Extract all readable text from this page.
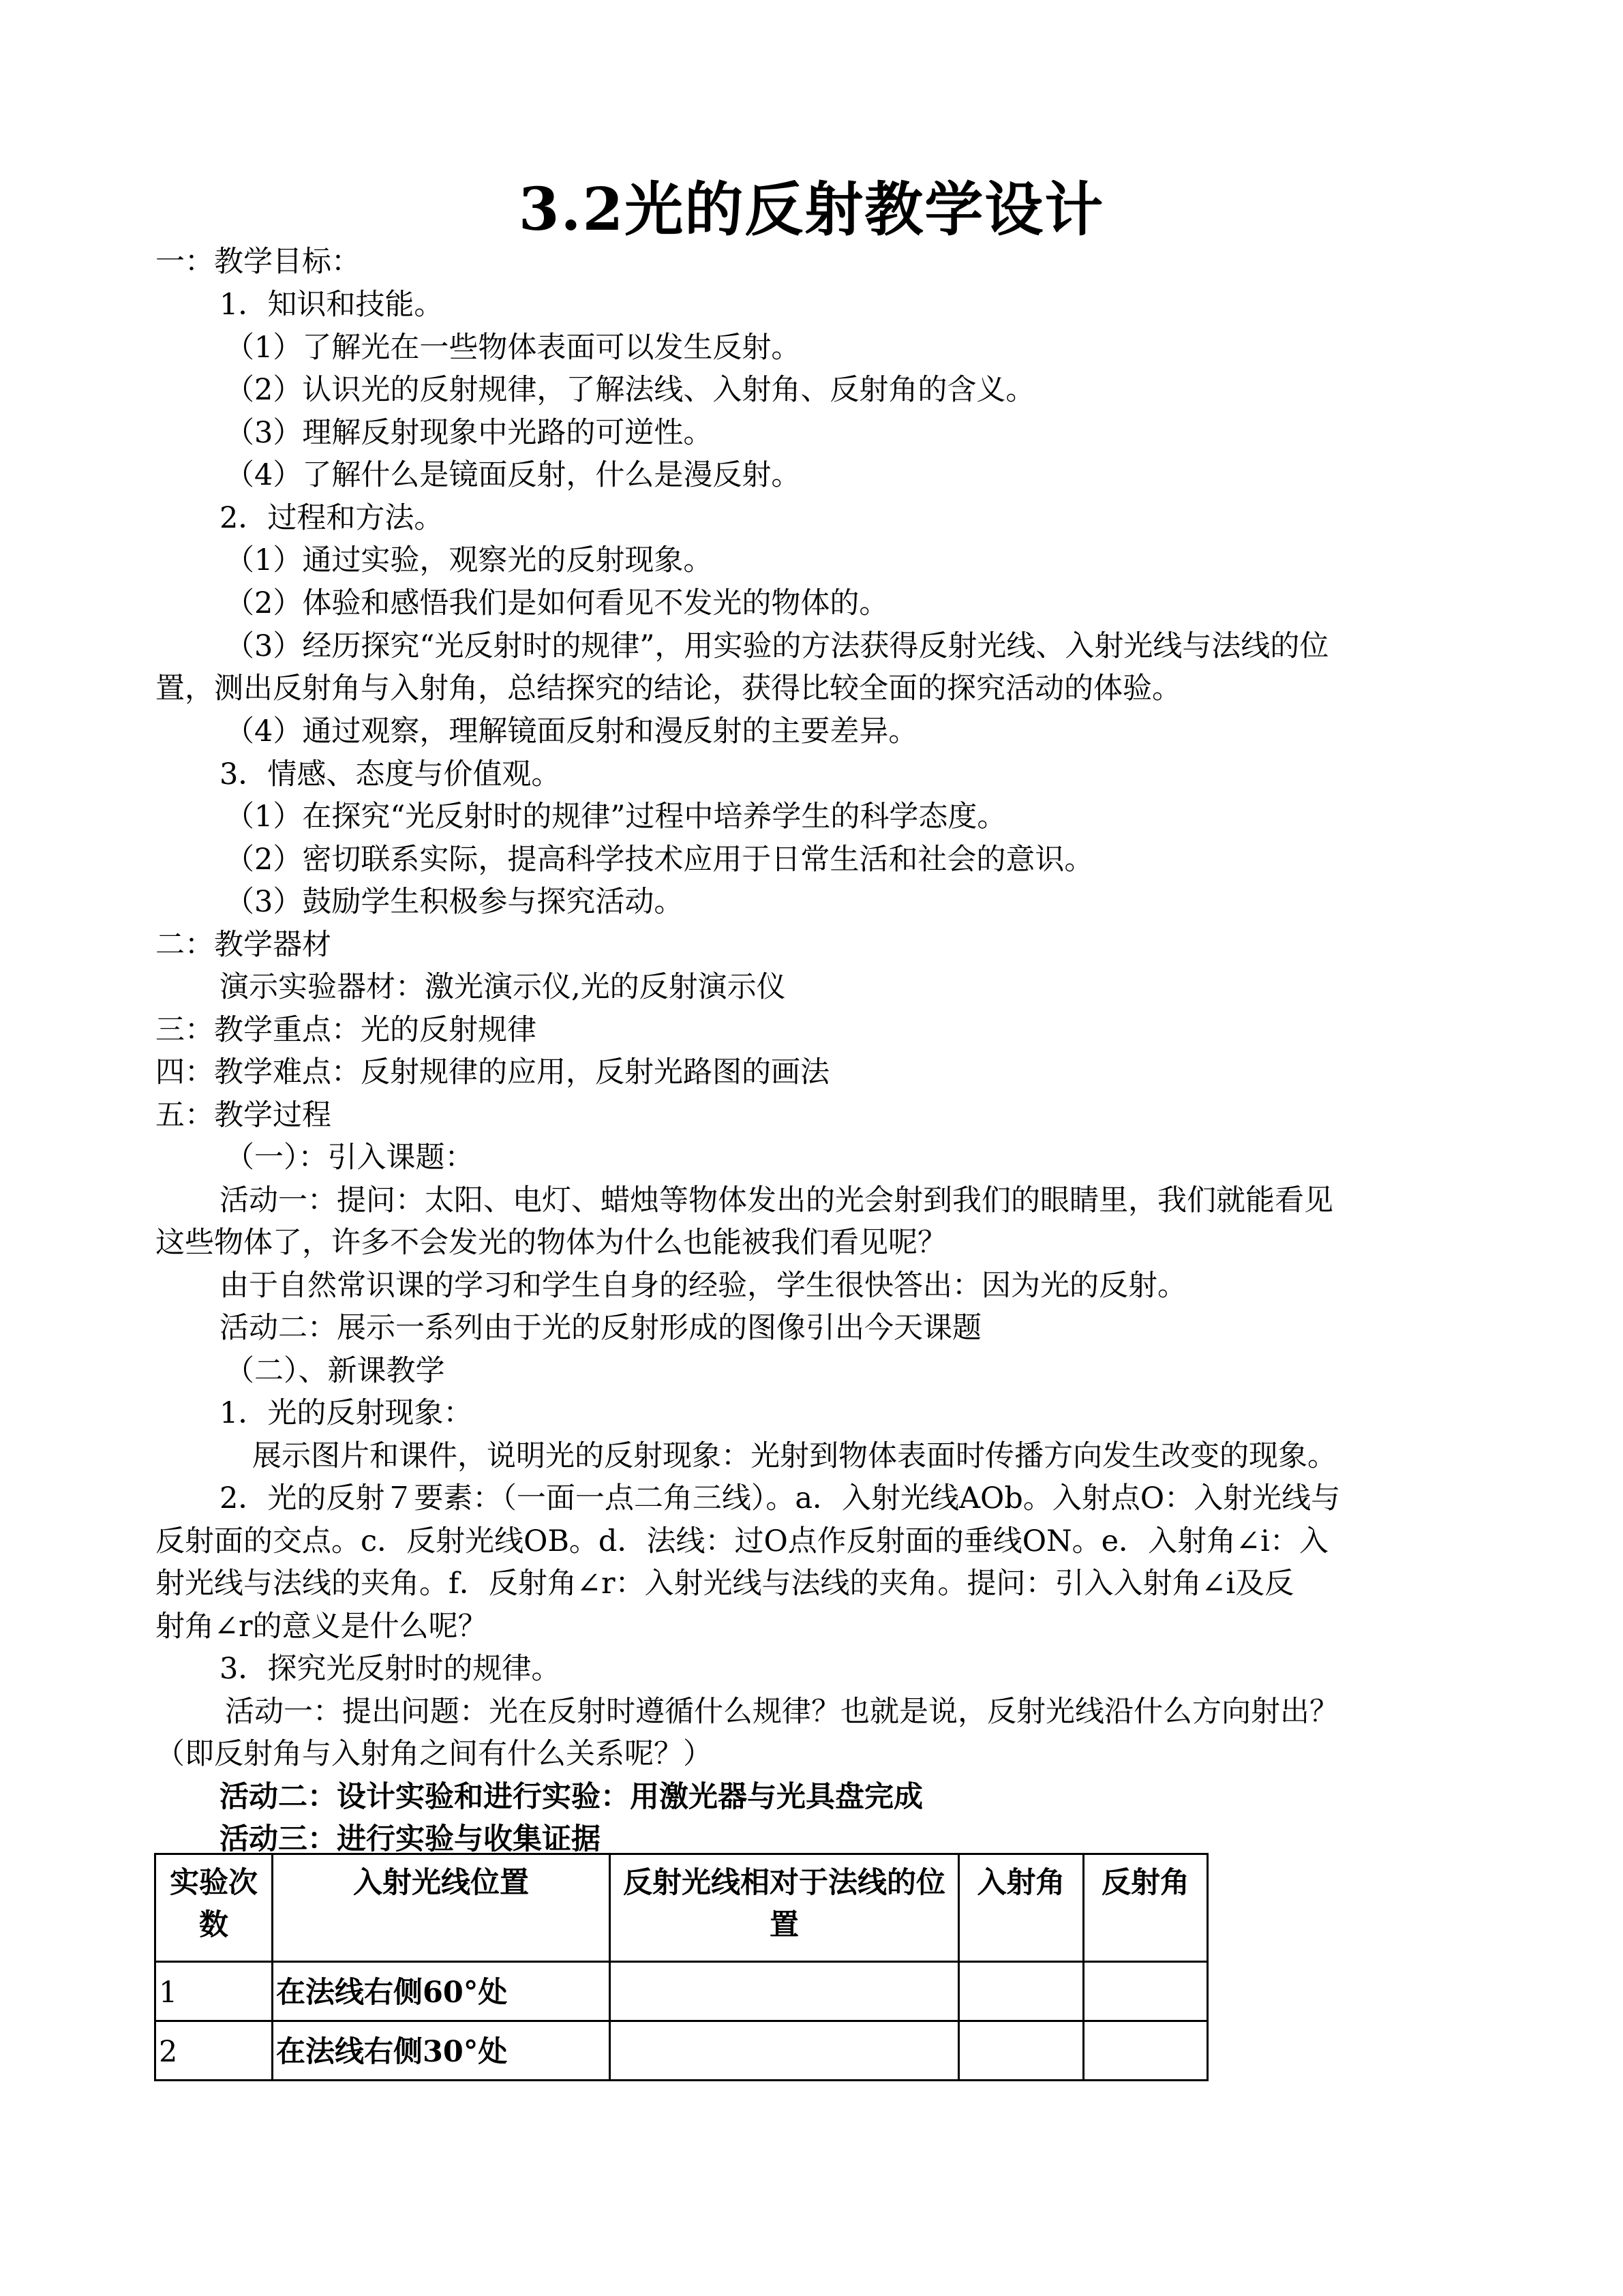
3.2光的反射教学设计
一：教学目标：
1．知识和技能。
（1）了解光在一些物体表面可以发生反射。
（2）认识光的反射规律，了解法线、入射角、反射角的含义。
（3）理解反射现象中光路的可逆性。
（4）了解什么是镜面反射，什么是漫反射。
2．过程和方法。
（1）通过实验，观察光的反射现象。
（2）体验和感悟我们是如何看见不发光的物体的。
（3）经历探究“光反射时的规律”，用实验的方法获得反射光线、入射光线与法线的位
置，测出反射角与入射角，总结探究的结论，获得比较全面的探究活动的体验。
（4）通过观察，理解镜面反射和漫反射的主要差异。
3．情感、态度与价值观。
（1）在探究“光反射时的规律”过程中培养学生的科学态度。
（2）密切联系实际，提高科学技术应用于日常生活和社会的意识。
（3）鼓励学生积极参与探究活动。
二：教学器材
演示实验器材：激光演示仪,光的反射演示仪
三：教学重点：光的反射规律
四：教学难点：反射规律的应用，反射光路图的画法
五：教学过程
（一）：引入课题：
活动一：提问：太阳、电灯、蜡烛等物体发出的光会射到我们的眼睛里，我们就能看见
这些物体了，许多不会发光的物体为什么也能被我们看见呢？
由于自然常识课的学习和学生自身的经验，学生很快答出：因为光的反射。
活动二：展示一系列由于光的反射形成的图像引出今天课题
（二）、新课教学
1．光的反射现象：
展示图片和课件，说明光的反射现象：光射到物体表面时传播方向发生改变的现象。
2．光的反射７要素：（一面一点二角三线）。a．入射光线AOb。入射点O：入射光线与
反射面的交点。c．反射光线OB。d．法线：过O点作反射面的垂线ON。e．入射角∠i：入
射光线与法线的夹角。f．反射角∠r：入射光线与法线的夹角。提问：引入入射角∠i及反
射角∠r的意义是什么呢？
3．探究光反射时的规律。
活动一：提出问题：光在反射时遵循什么规律？也就是说，反射光线沿什么方向射出？
（即反射角与入射角之间有什么关系呢？）
活动二：设计实验和进行实验：用激光器与光具盘完成
活动三：进行实验与收集证据
实验次数	入射光线位置	反射光线相对于法线的位置	入射角	反射角
1	在法线右侧60°处			
2	在法线右侧30°处			
